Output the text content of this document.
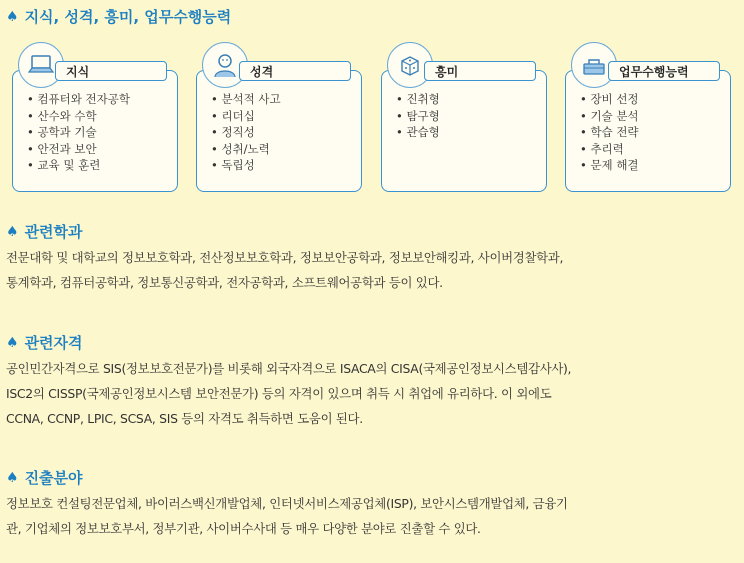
♠ 지식, 성격, 흥미, 업무수행능력
지식
• 컴퓨터와 전자공학
• 산수와 수학
• 공학과 기술
• 안전과 보안
• 교육 및 훈련
성격
• 분석적 사고
• 리더십
• 정직성
• 성취/노력
• 독립성
흥미
• 진취형
• 탐구형
• 관습형
업무수행능력
• 장비 선정
• 기술 분석
• 학습 전략
• 추리력
• 문제 해결
♠ 관련학과
전문대학 및 대학교의 정보보호학과, 전산정보보호학과, 정보보안공학과, 정보보안해킹과, 사이버경찰학과,
통계학과, 컴퓨터공학과, 정보통신공학과, 전자공학과, 소프트웨어공학과 등이 있다.
♠ 관련자격
공인민간자격으로 SIS(정보보호전문가)를 비롯해 외국자격으로 ISACA의 CISA(국제공인정보시스템감사사),
ISC2의 CISSP(국제공인정보시스템 보안전문가) 등의 자격이 있으며 취득 시 취업에 유리하다. 이 외에도
CCNA, CCNP, LPIC, SCSA, SIS 등의 자격도 취득하면 도움이 된다.
♠ 진출분야
정보보호 컨설팅전문업체, 바이러스백신개발업체, 인터넷서비스제공업체(ISP), 보안시스템개발업체, 금융기
관, 기업체의 정보보호부서, 정부기관, 사이버수사대 등 매우 다양한 분야로 진출할 수 있다.
